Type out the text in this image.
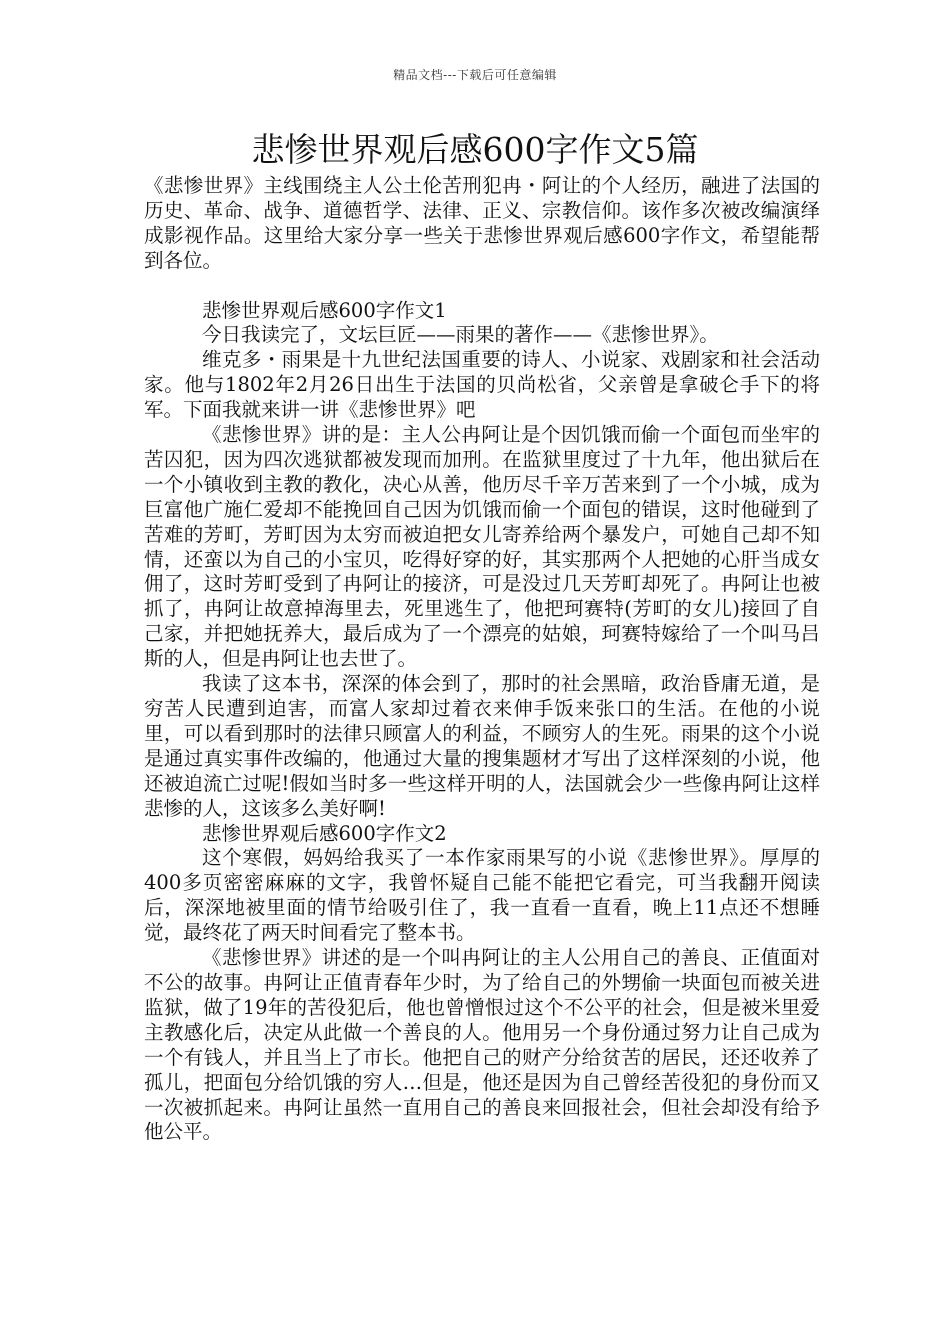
精品文档---下载后可任意编辑
悲惨世界观后感600字作文5篇

《悲惨世界》主线围绕主人公土伦苦刑犯冉・阿让的个人经历，融进了法国的历史、革命、战争、道德哲学、法律、正义、宗教信仰。该作多次被改编演绎成影视作品。这里给大家分享一些关于悲惨世界观后感600字作文，希望能帮到各位。

悲惨世界观后感600字作文1

今日我读完了，文坛巨匠——雨果的著作——《悲惨世界》。

维克多・雨果是十九世纪法国重要的诗人、小说家、戏剧家和社会活动家。他与1802年2月26日出生于法国的贝尚松省，父亲曾是拿破仑手下的将军。下面我就来讲一讲《悲惨世界》吧

《悲惨世界》讲的是：主人公冉阿让是个因饥饿而偷一个面包而坐牢的苦囚犯，因为四次逃狱都被发现而加刑。在监狱里度过了十九年，他出狱后在一个小镇收到主教的教化，决心从善，他历尽千辛万苦来到了一个小城，成为巨富他广施仁爱却不能挽回自己因为饥饿而偷一个面包的错误，这时他碰到了苦难的芳町，芳町因为太穷而被迫把女儿寄养给两个暴发户，可她自己却不知情，还蛮以为自己的小宝贝，吃得好穿的好，其实那两个人把她的心肝当成女佣了，这时芳町受到了冉阿让的接济，可是没过几天芳町却死了。冉阿让也被抓了，冉阿让故意掉海里去，死里逃生了，他把珂赛特(芳町的女儿)接回了自己家，并把她抚养大，最后成为了一个漂亮的姑娘，珂赛特嫁给了一个叫马吕斯的人，但是冉阿让也去世了。

我读了这本书，深深的体会到了，那时的社会黑暗，政治昏庸无道，是穷苦人民遭到迫害，而富人家却过着衣来伸手饭来张口的生活。在他的小说里，可以看到那时的法律只顾富人的利益，不顾穷人的生死。雨果的这个小说是通过真实事件改编的，他通过大量的搜集题材才写出了这样深刻的小说，他还被迫流亡过呢!假如当时多一些这样开明的人，法国就会少一些像冉阿让这样悲惨的人，这该多么美好啊!

悲惨世界观后感600字作文2

这个寒假，妈妈给我买了一本作家雨果写的小说《悲惨世界》。厚厚的400多页密密麻麻的文字，我曾怀疑自己能不能把它看完，可当我翻开阅读后，深深地被里面的情节给吸引住了，我一直看一直看，晚上11点还不想睡觉，最终花了两天时间看完了整本书。

《悲惨世界》讲述的是一个叫冉阿让的主人公用自己的善良、正值面对不公的故事。冉阿让正值青春年少时，为了给自己的外甥偷一块面包而被关进监狱，做了19年的苦役犯后，他也曾憎恨过这个不公平的社会，但是被米里爱主教感化后，决定从此做一个善良的人。他用另一个身份通过努力让自己成为一个有钱人，并且当上了市长。他把自己的财产分给贫苦的居民，还还收养了孤儿，把面包分给饥饿的穷人…但是，他还是因为自己曾经苦役犯的身份而又一次被抓起来。冉阿让虽然一直用自己的善良来回报社会，但社会却没有给予他公平。
